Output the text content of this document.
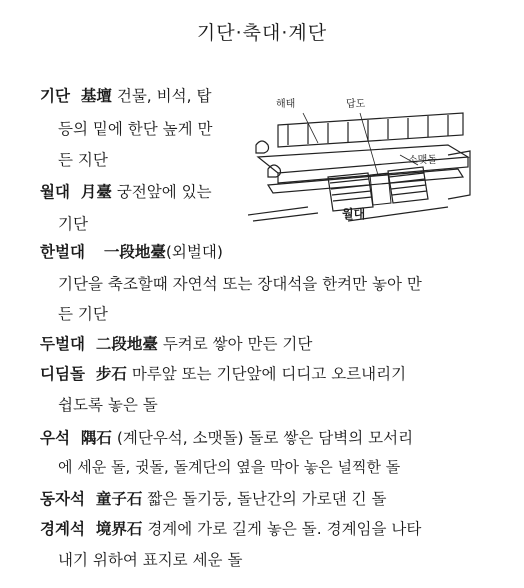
기단·축대·계단
해태	답도
소맷돌
월대
기단 基壇 건물, 비석, 탑
등의 밑에 한단 높게 만
든 지단
월대 月臺 궁전앞에 있는
기단
한벌대 一段地臺(외벌대)
기단을 축조할때 자연석 또는 장대석을 한켜만 놓아 만
든 기단
두벌대 二段地臺 두켜로 쌓아 만든 기단
디딤돌 步石 마루앞 또는 기단앞에 디디고 오르내리기
쉽도록 놓은 돌
우석 隅石 (계단우석, 소맷돌) 돌로 쌓은 담벽의 모서리
에 세운 돌, 귓돌, 돌계단의 옆을 막아 놓은 널찍한 돌
동자석 童子石 짧은 돌기둥, 돌난간의 가로댄 긴 돌
경계석 境界石 경계에 가로 길게 놓은 돌. 경계임을 나타
내기 위하여 표지로 세운 돌
